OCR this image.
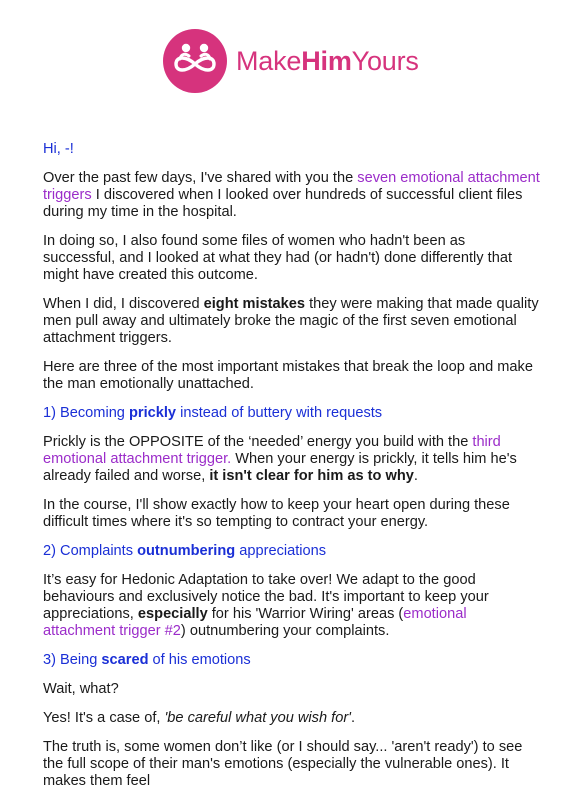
MakeHimYours

Hi, -!

Over the past few days, I've shared with you the seven emotional attachment triggers I discovered when I looked over hundreds of successful client files during my time in the hospital.

In doing so, I also found some files of women who hadn't been as successful, and I looked at what they had (or hadn't) done differently that might have created this outcome.

When I did, I discovered eight mistakes they were making that made quality men pull away and ultimately broke the magic of the first seven emotional attachment triggers.

Here are three of the most important mistakes that break the loop and make the man emotionally unattached.

1) Becoming prickly instead of buttery with requests

Prickly is the OPPOSITE of the ‘needed’ energy you build with the third emotional attachment trigger. When your energy is prickly, it tells him he's already failed and worse, it isn't clear for him as to why.

In the course, I'll show exactly how to keep your heart open during these difficult times where it's so tempting to contract your energy.

2) Complaints outnumbering appreciations

It’s easy for Hedonic Adaptation to take over! We adapt to the good behaviours and exclusively notice the bad. It's important to keep your appreciations, especially for his 'Warrior Wiring' areas (emotional attachment trigger #2) outnumbering your complaints.

3) Being scared of his emotions

Wait, what?

Yes! It's a case of, 'be careful what you wish for'.

The truth is, some women don’t like (or I should say... 'aren't ready') to see the full scope of their man's emotions (especially the vulnerable ones). It makes them feel
